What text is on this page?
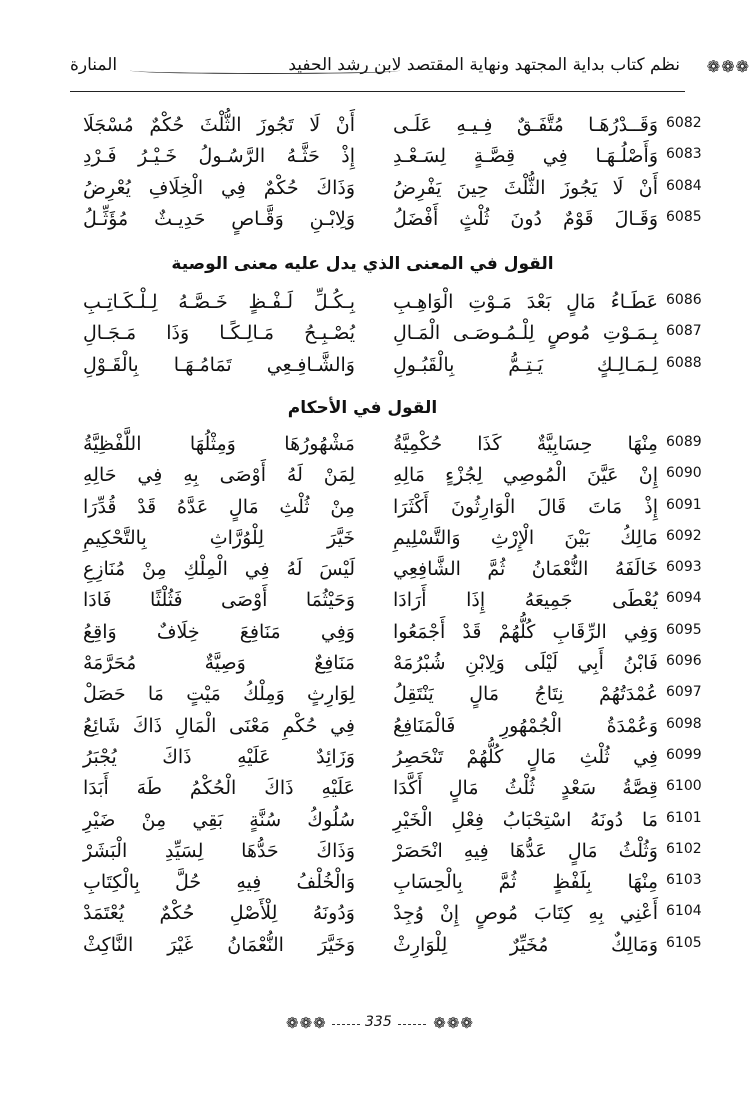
❁❁❁
نظم كتاب بداية المجتهد ونهاية المقتصد لابن رشد الحفيد
المنارة
6082
وَقَــدْرُهَـا مُتَّفَـقٌ فِـيـهِ عَلَـى
أَنْ لَا تَجُوزَ الثُّلْثَ حُكْمٌ مُسْجَلَا
6083
وَأَصْلُـهَـا فِي قِصَّـةٍ لِسَـعْـدِ
إِذْ حَثَّـهُ الرَّسُـولُ خَـيْـرُ فَـرْدِ
6084
أَنْ لَا يَجُوزَ الثُّلْثَ حِينَ يَفْرِضُ
وَذَاكَ حُكْمٌ فِي الْخِلَافِ يُعْرِضُ
6085
وَقَـالَ قَوْمٌ دُونَ ثُلْثٍ أَفْضَلُ
وَلِابْـنِ وَقَّـاصٍ حَدِيـثٌ مُؤَثِّـلُ
القول في المعنى الذي يدل عليه معنى الوصية
6086
عَطَـاءُ مَالٍ بَعْدَ مَـوْتِ الْوَاهِـبِ
بِـكُـلِّ لَـفْـظٍ خَـصَّـهُ لِـلْـكَـاتِـبِ
6087
بِـمَـوْتِ مُوصٍ لِلْـمُـوصَـى الْمَـالِ
يُصْـبِـحُ مَـالِـكًـا وَذَا مَـجَـالِ
6088
لِـمَـالِـكٍ يَـتِـمُّ بِالْقَبُـولِ
وَالشَّـافِـعِي تَمَامُـهَـا بِالْقَـوْلِ
القول في الأحكام
6089
مِنْهَا حِسَابِيَّةٌ كَذَا حُكْمِيَّةُ
مَشْهُورُهَا وَمِثْلُهَا اللَّفْظِيَّةُ
6090
إِنْ عَيَّنَ الْمُوصِي لِجُزْءٍ مَالِهِ
لِمَنْ لَهُ أَوْصَى بِهِ فِي حَالِهِ
6091
إِذْ مَاتَ قَالَ الْوَارِثُونَ أَكْثَرَا
مِنْ ثُلْثِ مَالٍ عَدَّهُ قَدْ قُدِّرَا
6092
مَالِكُ بَيْنَ الْإِرْثِ وَالتَّسْلِيمِ
خَيَّرَ لِلْوُرَّاثِ بِالتَّحْكِيمِ
6093
خَالَفَهُ النُّعْمَانُ ثُمَّ الشَّافِعِي
لَيْسَ لَهُ فِي الْمِلْكِ مِنْ مُنَازِعِ
6094
يُعْطَى جَمِيعَهُ إِذَا أَرَادَا
وَحَيْثُمَا أَوْصَى فَثُلْثًا فَادَا
6095
وَفِي الرِّقَابِ كُلُّهُمْ قَدْ أَجْمَعُوا
وَفِي مَنَافِعَ خِلَافٌ وَاقِعُ
6096
فَابْنُ أَبِي لَيْلَى وَلِابْنِ شُبْرُمَهْ
مَنَافِعٌ وَصِيَّةٌ مُحَرَّمَهْ
6097
عُمْدَتُهُمْ نِتَاجُ مَالٍ يَنْتَقِلُ
لِوَارِثٍ وَمِلْكُ مَيْتٍ مَا حَصَلْ
6098
وَعُمْدَةُ الْجُمْهُورِ فَالْمَنَافِعُ
فِي حُكْمِ مَعْنَى الْمَالِ ذَاكَ شَائِعُ
6099
فِي ثُلْثِ مَالٍ كُلُّهُمْ تَنْحَصِرُ
وَزَائِدٌ عَلَيْهِ ذَاكَ يُجْبَرُ
6100
قِصَّةُ سَعْدٍ ثُلْثُ مَالٍ أَكَّدَا
عَلَيْهِ ذَاكَ الْحُكْمُ طَهَ أَبَدَا
6101
مَا دُونَهُ اسْتِحْبَابُ فِعْلِ الْخَيْرِ
سُلُوكُ سُنَّةٍ بَقِي مِنْ ضَيْرِ
6102
وَثُلْثُ مَالٍ عَدُّهَا فِيهِ انْحَصَرْ
وَذَاكَ حَدُّهَا لِسَيِّدِ الْبَشَرْ
6103
مِنْهَا بِلَفْظٍ ثُمَّ بِالْحِسَابِ
وَالْخُلْفُ فِيهِ حُلَّ بِالْكِتَابِ
6104
أَعْنِي بِهِ كِتَابَ مُوصٍ إِنْ وُجِدْ
وَدُونَهُ لِلْأَصْلِ حُكْمٌ يُعْتَمَدْ
6105
وَمَالِكٌ مُخَيِّرٌ لِلْوَارِثْ
وَخَيَّرَ النُّعْمَانُ غَيْرَ النَّاكِثْ
❁❁❁	335	❁❁❁
